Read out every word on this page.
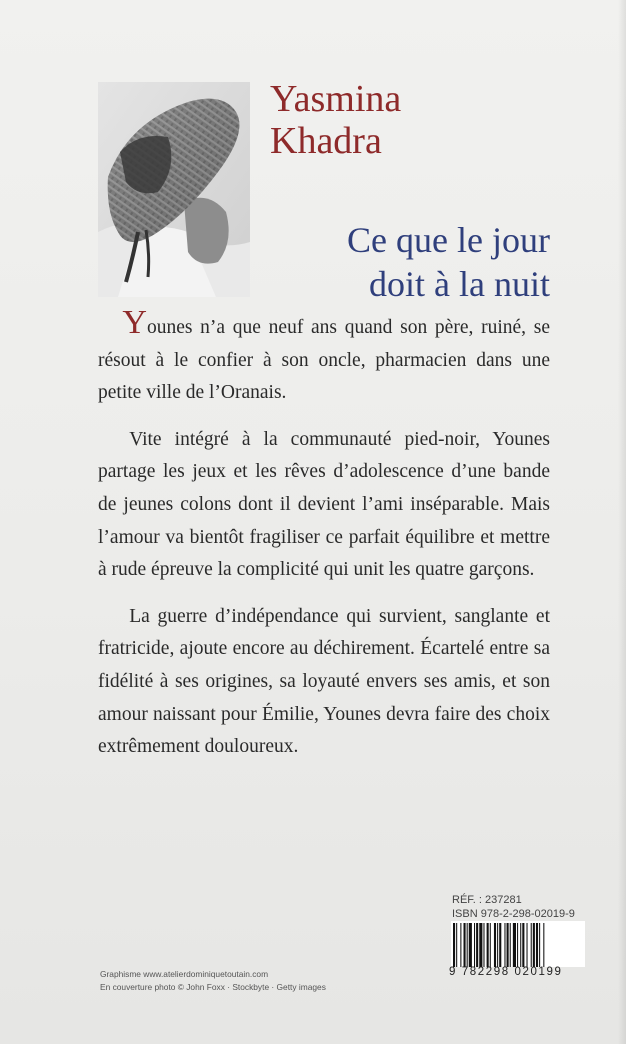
Yasmina
Khadra
Ce que le jour
doit à la nuit

Younes n’a que neuf ans quand son père, ruiné, se résout à le confier à son oncle, pharmacien dans une petite ville de l’Oranais.

Vite intégré à la communauté pied-noir, Younes partage les jeux et les rêves d’adolescence d’une bande de jeunes colons dont il devient l’ami inséparable. Mais l’amour va bientôt fragiliser ce parfait équilibre et mettre à rude épreuve la complicité qui unit les quatre garçons.

La guerre d’indépendance qui survient, sanglante et fratricide, ajoute encore au déchirement. Écartelé entre sa fidélité à ses origines, sa loyauté envers ses amis, et son amour naissant pour Émilie, Younes devra faire des choix extrêmement douloureux.

RÉF. : 237281
ISBN 978-2-298-02019-9
9 782298 020199
Graphisme www.atelierdominiquetoutain.com
En couverture photo © John Foxx · Stockbyte · Getty images
